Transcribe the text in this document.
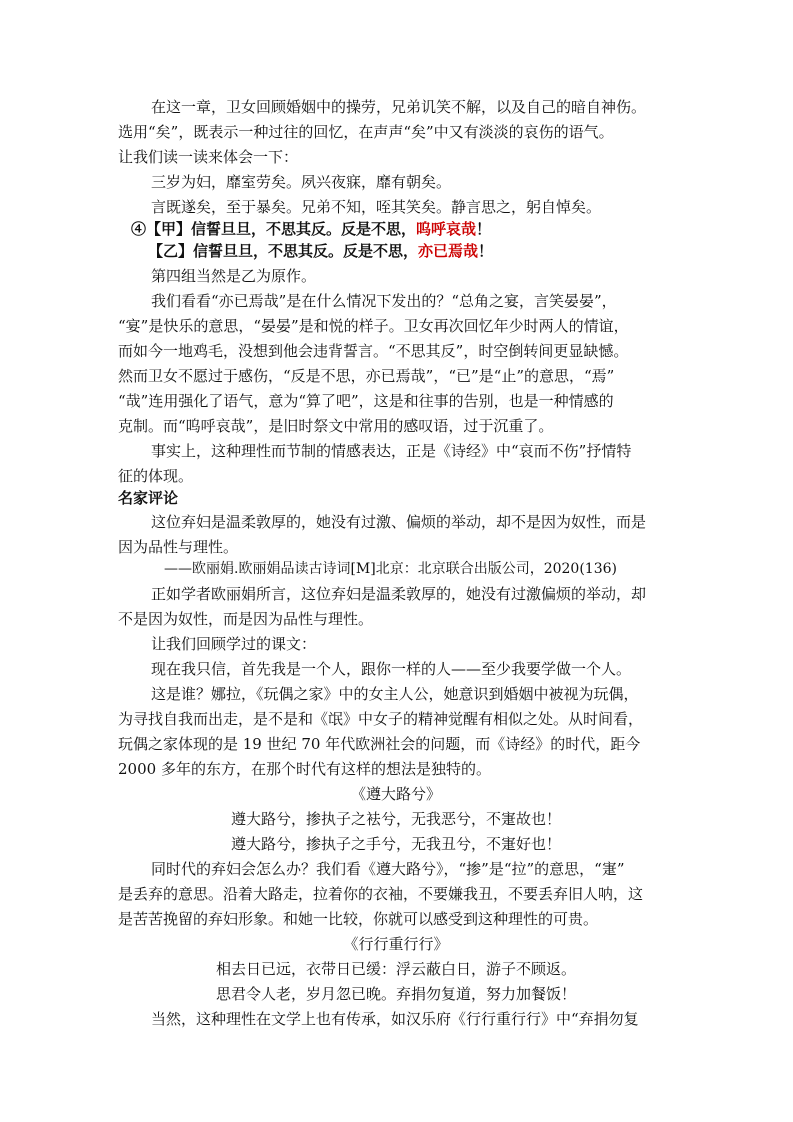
在这一章，卫女回顾婚姻中的操劳，兄弟讥笑不解，以及自己的暗自神伤。
选用“矣”，既表示一种过往的回忆，在声声“矣”中又有淡淡的哀伤的语气。
让我们读一读来体会一下：
三岁为妇，靡室劳矣。夙兴夜寐，靡有朝矣。
言既遂矣，至于暴矣。兄弟不知，咥其笑矣。静言思之，躬自悼矣。
④【甲】信誓旦旦，不思其反。反是不思，呜呼哀哉！
【乙】信誓旦旦，不思其反。反是不思，亦已焉哉！
第四组当然是乙为原作。
我们看看“亦已焉哉”是在什么情况下发出的？“总角之宴，言笑晏晏”，
“宴”是快乐的意思，“晏晏”是和悦的样子。卫女再次回忆年少时两人的情谊，
而如今一地鸡毛，没想到他会违背誓言。“不思其反”，时空倒转间更显缺憾。
然而卫女不愿过于感伤，“反是不思，亦已焉哉”，“已”是“止”的意思，“焉”
“哉”连用强化了语气，意为“算了吧”，这是和往事的告别，也是一种情感的
克制。而“呜呼哀哉”，是旧时祭文中常用的感叹语，过于沉重了。
事实上，这种理性而节制的情感表达，正是《诗经》中“哀而不伤”抒情特
征的体现。
名家评论
这位弃妇是温柔敦厚的，她没有过激、偏烦的举动，却不是因为奴性，而是
因为品性与理性。
——欧丽娟.欧丽娟品读古诗词[M]北京：北京联合出版公司，2020(136)
正如学者欧丽娟所言，这位弃妇是温柔敦厚的，她没有过激偏烦的举动，却
不是因为奴性，而是因为品性与理性。
让我们回顾学过的课文：
现在我只信，首先我是一个人，跟你一样的人——至少我要学做一个人。
这是谁？娜拉，《玩偶之家》中的女主人公，她意识到婚姻中被视为玩偶，
为寻找自我而出走，是不是和《氓》中女子的精神觉醒有相似之处。从时间看，
玩偶之家体现的是 19 世纪 70 年代欧洲社会的问题，而《诗经》的时代，距今
2000 多年的东方，在那个时代有这样的想法是独特的。
《遵大路兮》
遵大路兮，掺执子之袪兮，无我恶兮，不寁故也！
遵大路兮，掺执子之手兮，无我丑兮，不寁好也！
同时代的弃妇会怎么办？我们看《遵大路兮》，“掺”是“拉”的意思，“寁”
是丢弃的意思。沿着大路走，拉着你的衣袖，不要嫌我丑，不要丢弃旧人呐，这
是苦苦挽留的弃妇形象。和她一比较，你就可以感受到这种理性的可贵。
《行行重行行》
相去日已远，衣带日已缓：浮云蔽白日，游子不顾返。
思君令人老，岁月忽已晚。弃捐勿复道，努力加餐饭！
当然，这种理性在文学上也有传承，如汉乐府《行行重行行》中“弃捐勿复
